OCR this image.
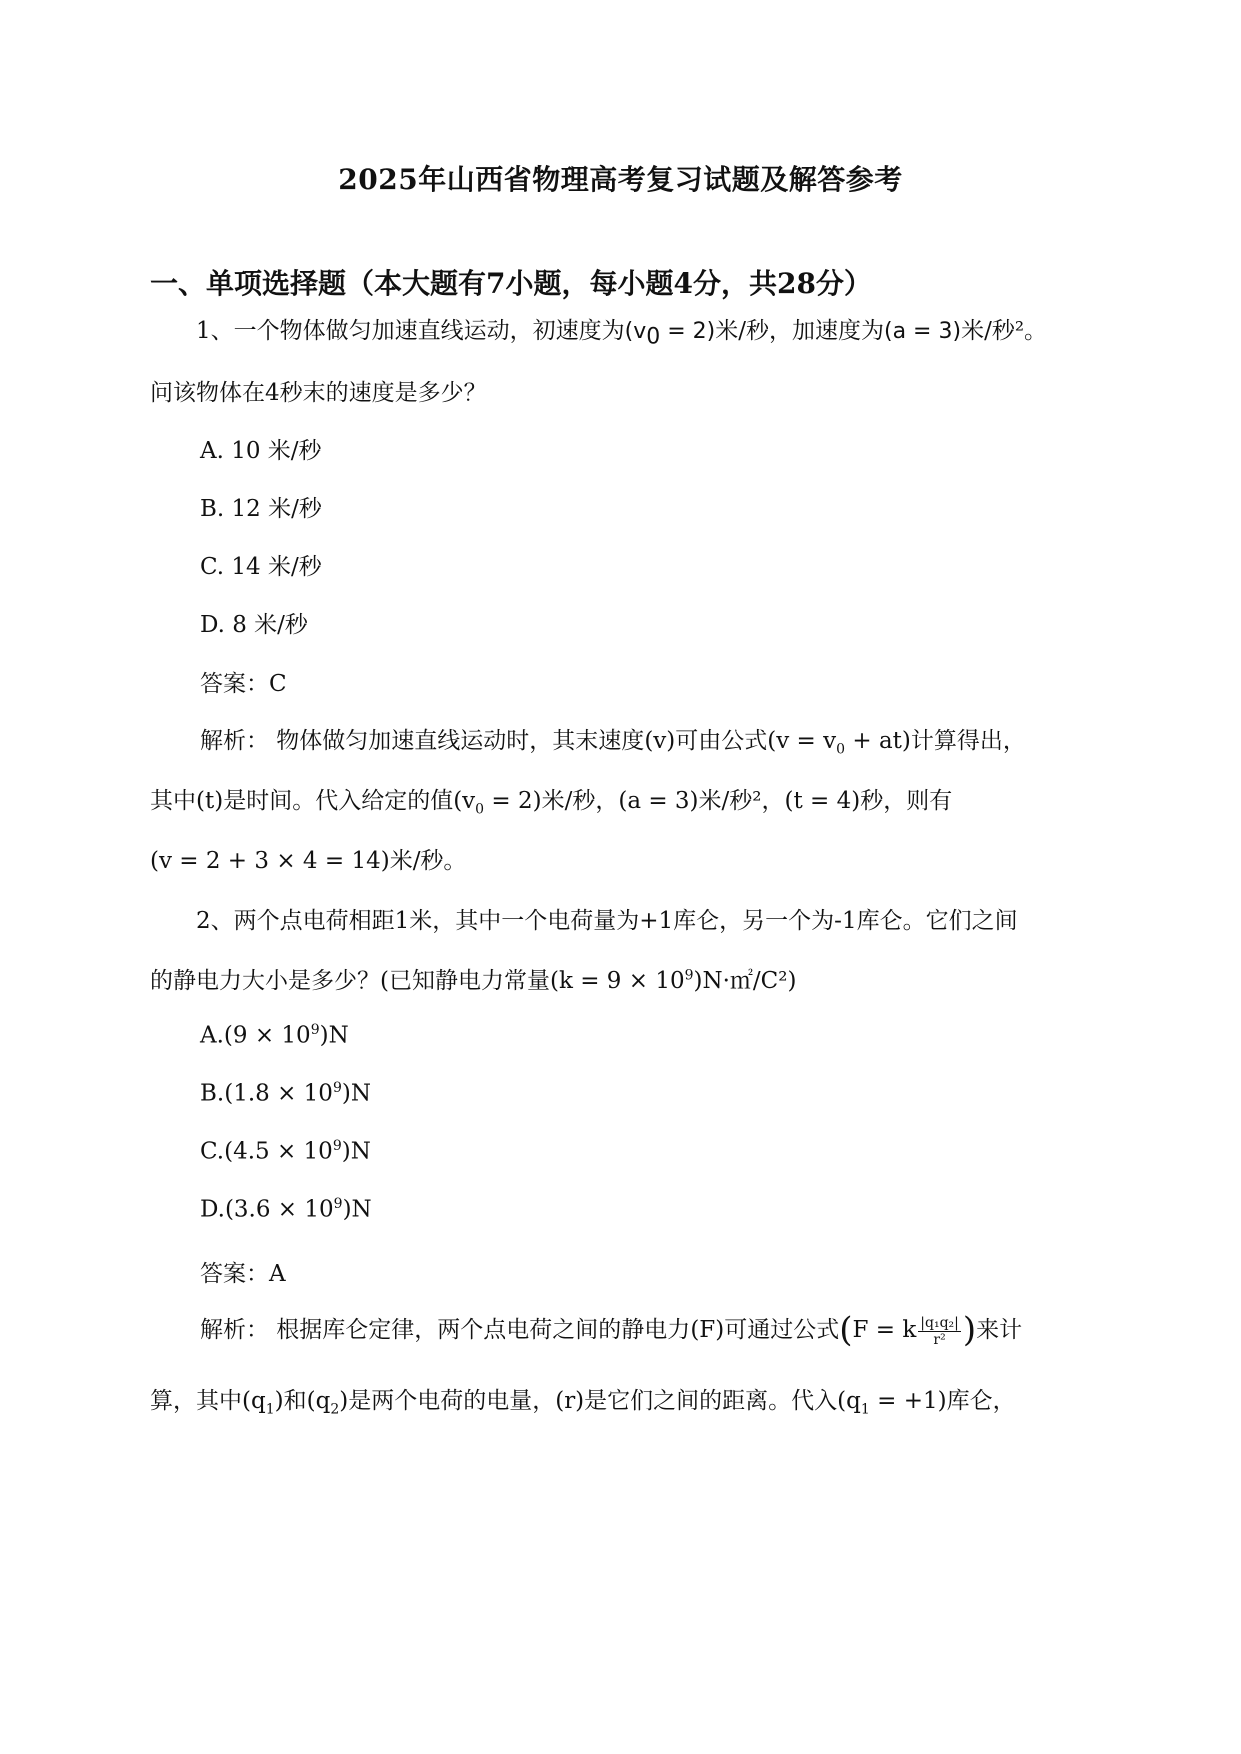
2025年山西省物理高考复习试题及解答参考
一、单项选择题（本大题有7小题，每小题4分，共28分）
1、一个物体做匀加速直线运动，初速度为$(v_0 = 2)$米/秒，加速度为(a = 3)米/秒²。
问该物体在4秒末的速度是多少？
A. 10 米/秒
B. 12 米/秒
C. 14 米/秒
D. 8 米/秒
答案：C
解析： 物体做匀加速直线运动时，其末速度(v)可由公式$(v = v_0 + at)$计算得出，
其中(t)是时间。代入给定的值$(v_0 = 2)$米/秒，(a = 3)米/秒²，(t = 4)秒，则有
(v = 2 + 3 × 4 = 14)米/秒。
2、两个点电荷相距1米，其中一个电荷量为+1库仑，另一个为-1库仑。它们之间
的静电力大小是多少？(已知静电力常量$(k = 9 \times 10^9)N\cdot㎡/C^2$)
$A.(9 \times 10^9)N$
$B.(1.8 \times 10^9)N$
$C.(4.5 \times 10^9)N$
$D.(3.6 \times 10^9)N$
答案：A
解析： 根据库仑定律，两个点电荷之间的静电力(F)可通过公式(F = k $\frac{\text{|q₁q₂|}}{\text{r²}}$ )来计
算，其中$(q_1)$和$(q_2)$是两个电荷的电量，(r)是它们之间的距离。代入$(q_1 = +1)$库仑，
